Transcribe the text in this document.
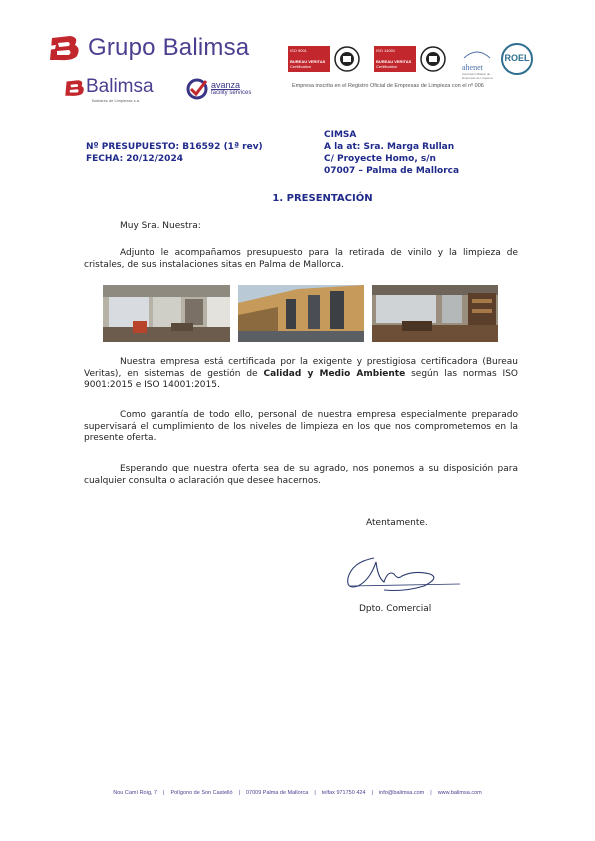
Grupo Balimsa
Balimsa
Baleares de Limpiezas s.a.
avanza
facility services
ISO 9001
BUREAU VERITAS
Certification
ISO 14001
BUREAU VERITAS
Certification	ahenet
Asociación Balear de Empresas de Limpieza
ROEL
Empresa inscrita en el Registro Oficial de Empresas de Limpieza con el nº 006
Nº PRESUPUESTO: B16592 (1ª rev)
FECHA: 20/12/2024
CIMSA
A la at: Sra. Marga Rullan
C/ Proyecte Homo, s/n
07007 – Palma de Mallorca
1. PRESENTACIÓN
Muy Sra. Nuestra:
Adjunto le acompañamos presupuesto para la retirada de vinilo y la limpieza de cristales, de sus instalaciones sitas en Palma de Mallorca.
Nuestra empresa está certificada por la exigente y prestigiosa certificadora (Bureau Veritas), en sistemas de gestión de Calidad y Medio Ambiente según las normas ISO 9001:2015 e ISO 14001:2015.
Como garantía de todo ello, personal de nuestra empresa especialmente preparado supervisará el cumplimiento de los niveles de limpieza en los que nos comprometemos en la presente oferta.
Esperando que nuestra oferta sea de su agrado, nos ponemos a su disposición para cualquier consulta o aclaración que desee hacernos.
Atentamente.
Dpto. Comercial
Nou Camí Roig, 7 | Polígono de Son Castelló | 07009 Palma de Mallorca | telfax 971750 424 | info@balimsa.com | www.balimsa.com
